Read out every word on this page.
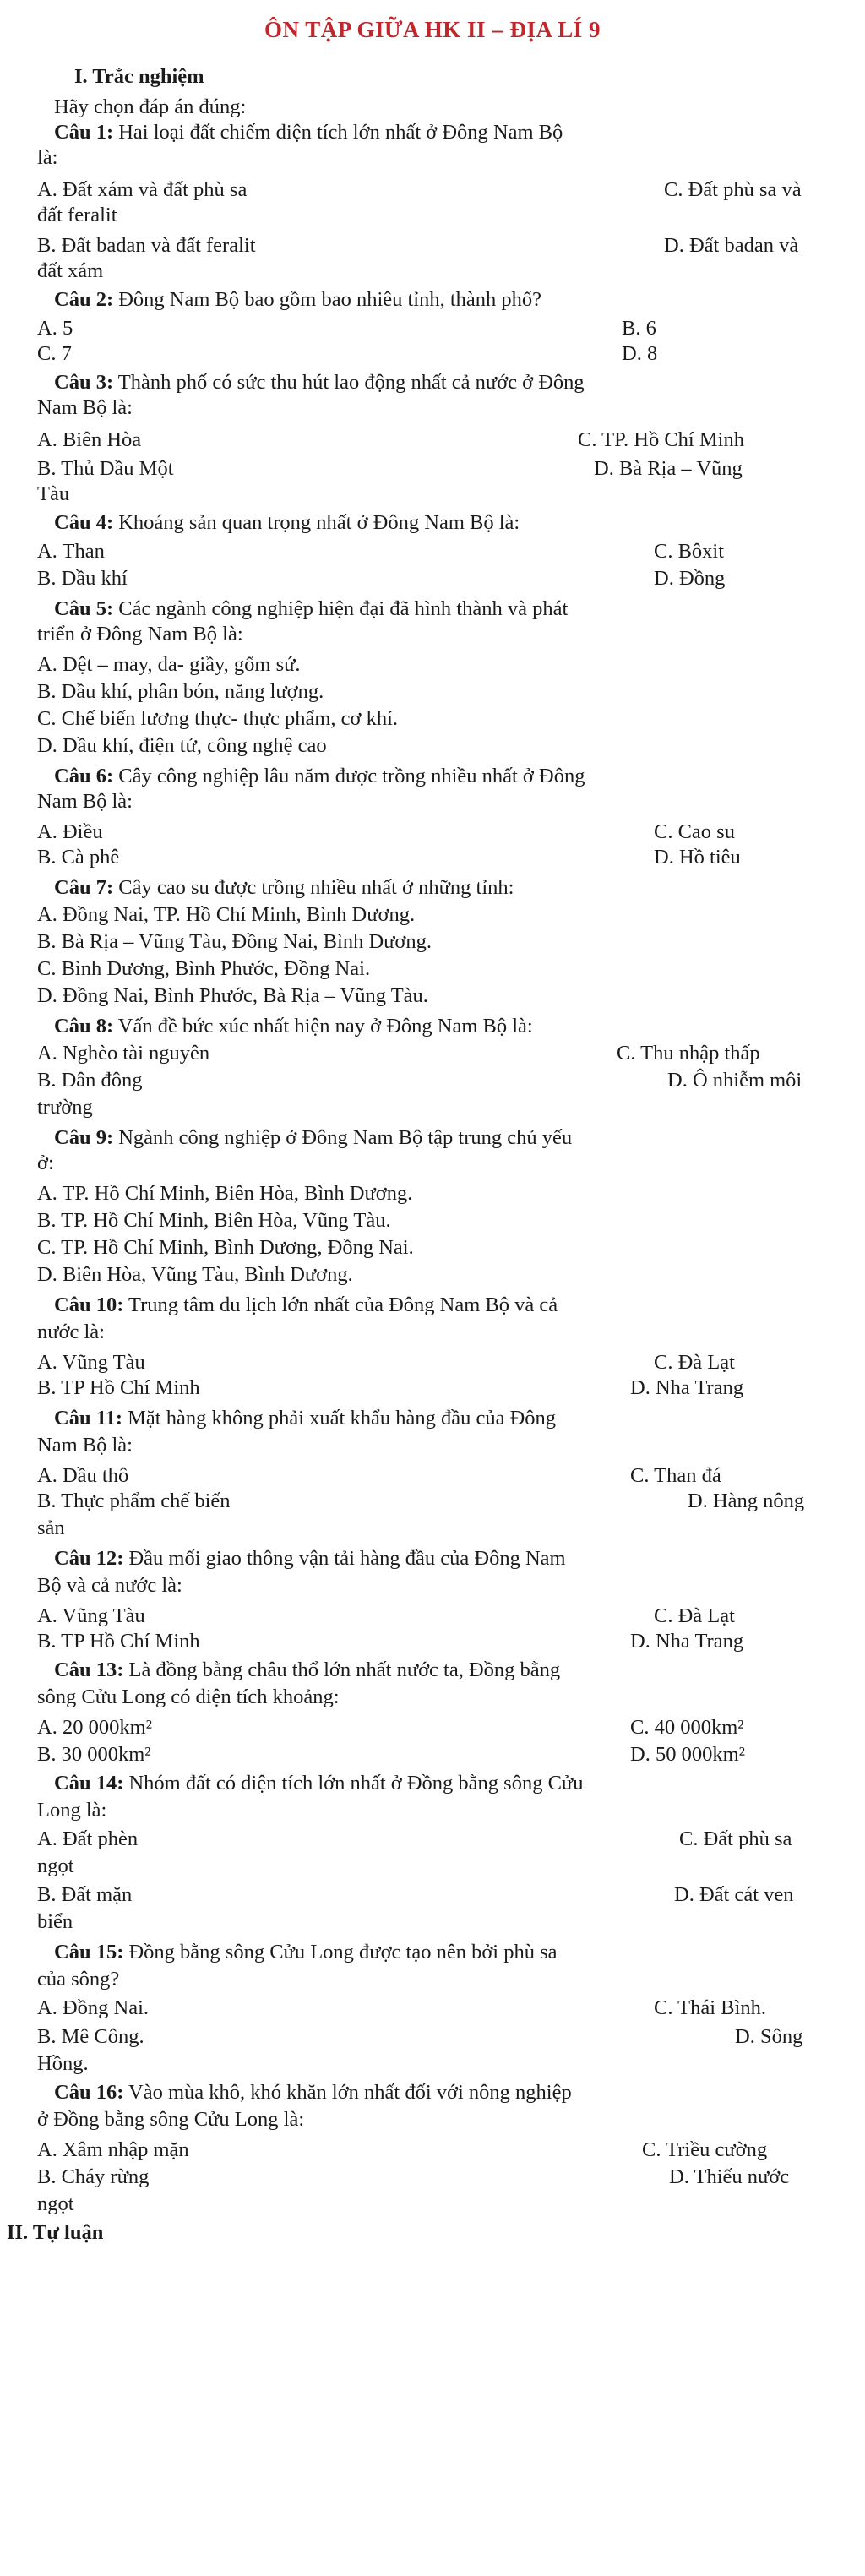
ÔN TẬP GIỮA HK II – ĐỊA LÍ 9
I. Trắc nghiệm
Hãy chọn đáp án đúng:
Câu 1: Hai loại đất chiếm diện tích lớn nhất ở Đông Nam Bộ
là:
A. Đất xám và đất phù sa	C. Đất phù sa và
đất feralit
B. Đất badan và đất feralit	D. Đất badan và
đất xám
Câu 2: Đông Nam Bộ bao gồm bao nhiêu tỉnh, thành phố?
A. 5	B. 6
C. 7	D. 8
Câu 3: Thành phố có sức thu hút lao động nhất cả nước ở Đông
Nam Bộ là:
A. Biên Hòa	C. TP. Hồ Chí Minh
B. Thủ Dầu Một	D. Bà Rịa – Vũng
Tàu
Câu 4: Khoáng sản quan trọng nhất ở Đông Nam Bộ là:
A. Than	C. Bôxit
B. Dầu khí	D. Đồng
Câu 5: Các ngành công nghiệp hiện đại đã hình thành và phát
triển ở Đông Nam Bộ là:
A. Dệt – may, da- giầy, gốm sứ.
B. Dầu khí, phân bón, năng lượng.
C. Chế biến lương thực- thực phẩm, cơ khí.
D. Dầu khí, điện tử, công nghệ cao
Câu 6: Cây công nghiệp lâu năm được trồng nhiều nhất ở Đông
Nam Bộ là:
A. Điều	C. Cao su
B. Cà phê	D. Hồ tiêu
Câu 7: Cây cao su được trồng nhiều nhất ở những tỉnh:
A. Đồng Nai, TP. Hồ Chí Minh, Bình Dương.
B. Bà Rịa – Vũng Tàu, Đồng Nai, Bình Dương.
C. Bình Dương, Bình Phước, Đồng Nai.
D. Đồng Nai, Bình Phước, Bà Rịa – Vũng Tàu.
Câu 8: Vấn đề bức xúc nhất hiện nay ở Đông Nam Bộ là:
A. Nghèo tài nguyên	C. Thu nhập thấp
B. Dân đông	D. Ô nhiễm môi
trường
Câu 9: Ngành công nghiệp ở Đông Nam Bộ tập trung chủ yếu
ở:
A. TP. Hồ Chí Minh, Biên Hòa, Bình Dương.
B. TP. Hồ Chí Minh, Biên Hòa, Vũng Tàu.
C. TP. Hồ Chí Minh, Bình Dương, Đồng Nai.
D. Biên Hòa, Vũng Tàu, Bình Dương.
Câu 10: Trung tâm du lịch lớn nhất của Đông Nam Bộ và cả
nước là:
A. Vũng Tàu	C. Đà Lạt
B. TP Hồ Chí Minh	D. Nha Trang
Câu 11: Mặt hàng không phải xuất khẩu hàng đầu của Đông
Nam Bộ là:
A. Dầu thô	C. Than đá
B. Thực phẩm chế biến	D. Hàng nông
sản
Câu 12: Đầu mối giao thông vận tải hàng đầu của Đông Nam
Bộ và cả nước là:
A. Vũng Tàu	C. Đà Lạt
B. TP Hồ Chí Minh	D. Nha Trang
Câu 13: Là đồng bằng châu thổ lớn nhất nước ta, Đồng bằng
sông Cửu Long có diện tích khoảng:
A. 20 000km²	C. 40 000km²
B. 30 000km²	D. 50 000km²
Câu 14: Nhóm đất có diện tích lớn nhất ở Đồng bằng sông Cửu
Long là:
A. Đất phèn	C. Đất phù sa
ngọt
B. Đất mặn	D. Đất cát ven
biển
Câu 15: Đồng bằng sông Cửu Long được tạo nên bởi phù sa
của sông?
A. Đồng Nai.	C. Thái Bình.
B. Mê Công.	D. Sông
Hồng.
Câu 16: Vào mùa khô, khó khăn lớn nhất đối với nông nghiệp
ở Đồng bằng sông Cửu Long là:
A. Xâm nhập mặn	C. Triều cường
B. Cháy rừng	D. Thiếu nước
ngọt
II. Tự luận
